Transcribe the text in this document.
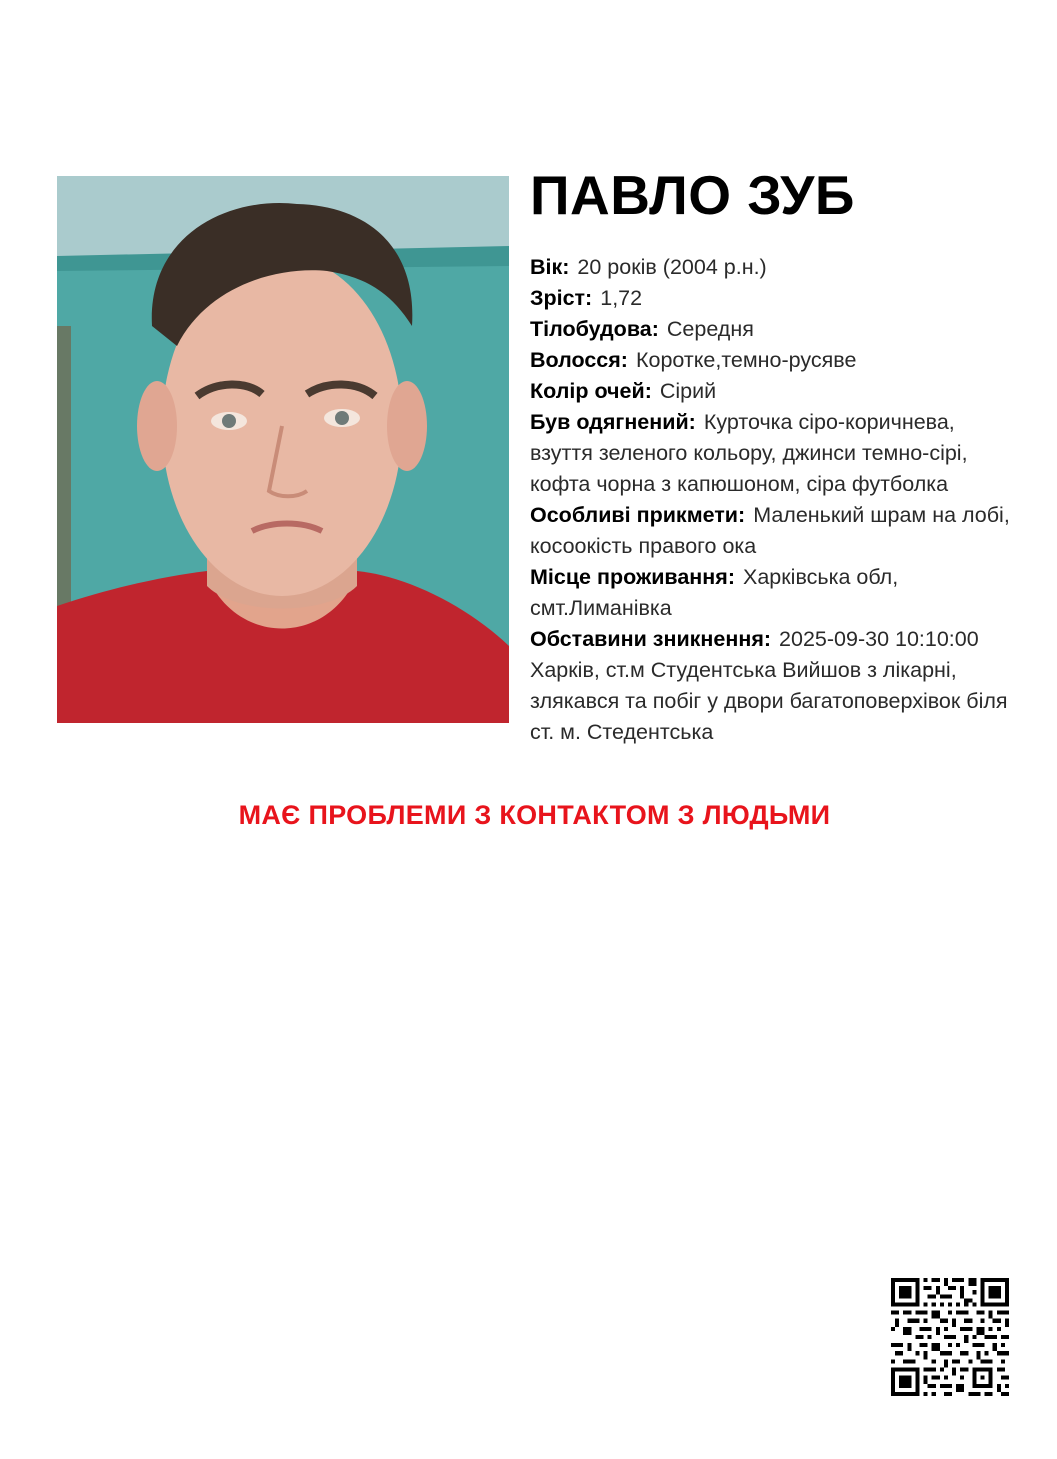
ПАВЛО ЗУБ
Вік: 20 років (2004 р.н.)
Зріст: 1,72
Тілобудова: Середня
Волосся: Коротке,темно-русяве
Колір очей: Сірий
Був одягнений: Курточка сіро-коричнева, взуття зеленого кольору, джинси темно-сірі, кофта чорна з капюшоном, сіра футболка
Особливі прикмети: Маленький шрам на лобі, косоокість правого ока
Місце проживання: Харківська обл, смт.Лиманівка
Обставини зникнення: 2025-09-30 10:10:00 Харків, ст.м Студентська Вийшов з лікарні, злякався та побіг у двори багатоповерхівок біля ст. м. Стедентська
МАЄ ПРОБЛЕМИ З КОНТАКТОМ З ЛЮДЬМИ
